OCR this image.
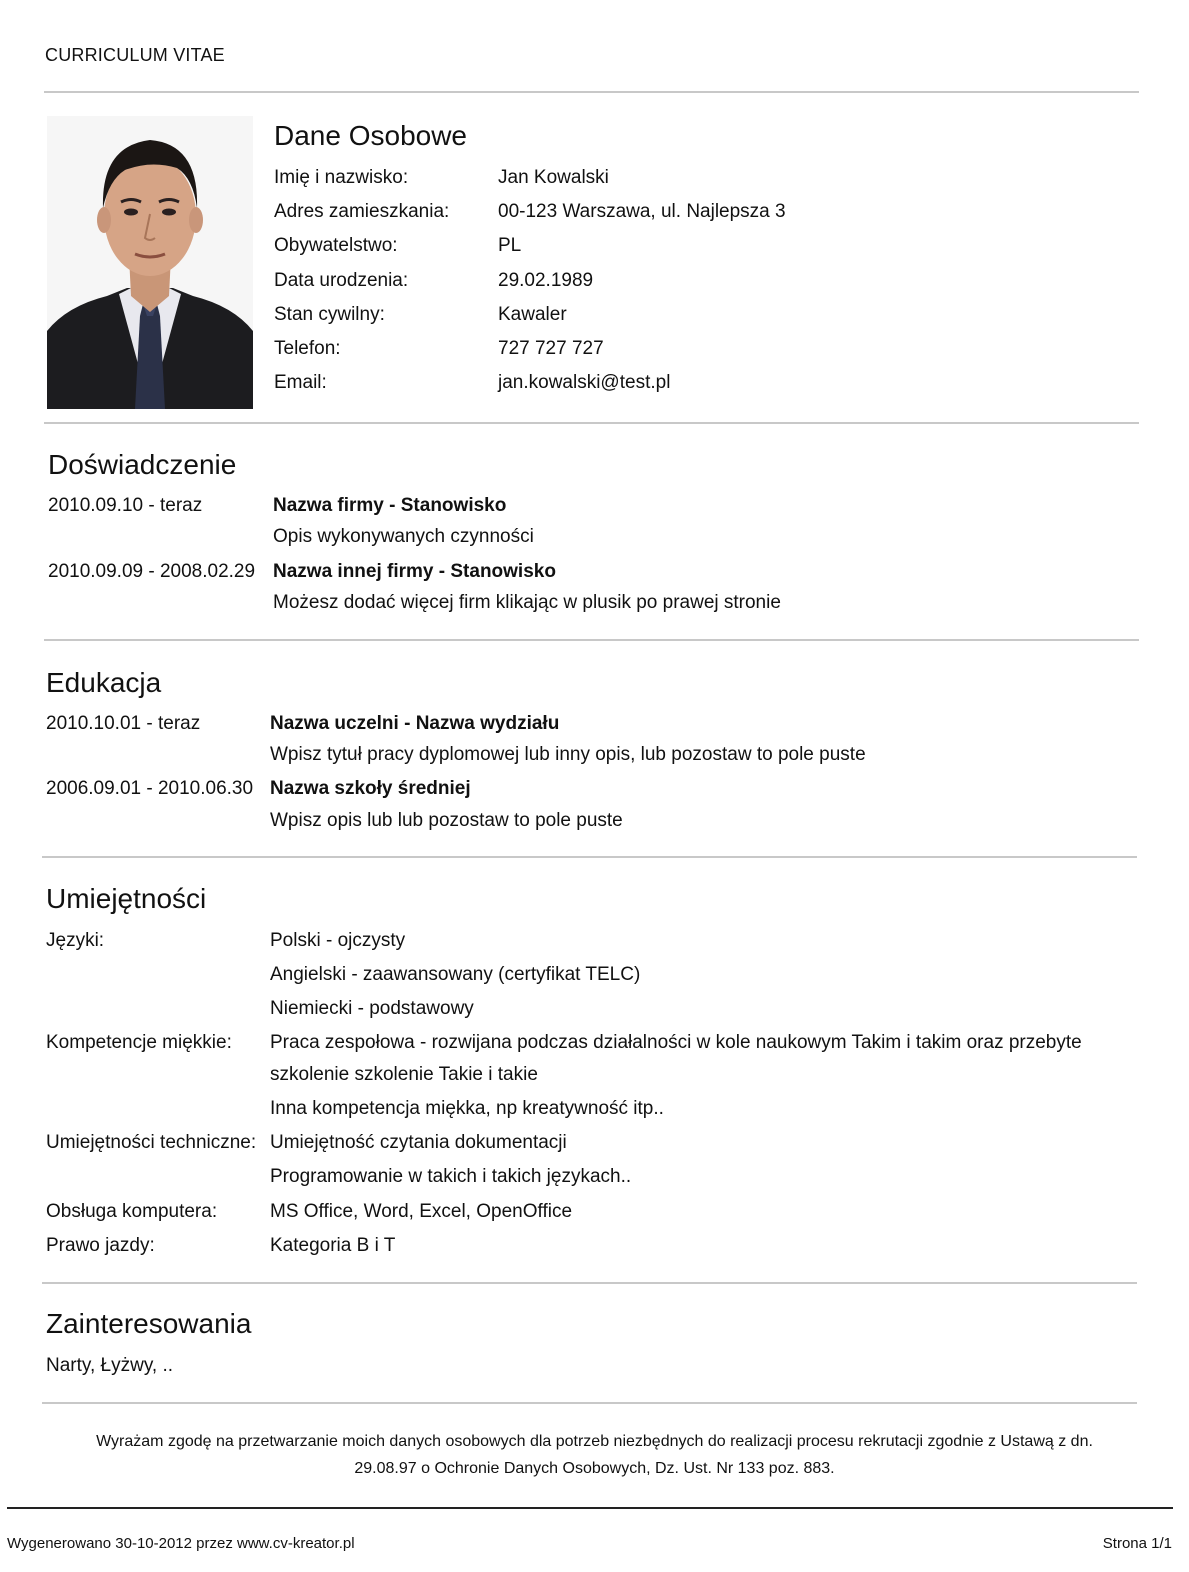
CURRICULUM VITAE
Dane Osobowe
Imię i nazwisko:	Jan Kowalski
Adres zamieszkania:	00-123 Warszawa, ul. Najlepsza 3
Obywatelstwo:	PL
Data urodzenia:	29.02.1989
Stan cywilny:	Kawaler
Telefon:	727 727 727
Email:	jan.kowalski@test.pl
Doświadczenie
2010.09.10 - teraz	Nazwa firmy - Stanowisko
Opis wykonywanych czynności
2010.09.09 - 2008.02.29 Nazwa innej firmy - Stanowisko
Możesz dodać więcej firm klikając w plusik po prawej stronie
Edukacja
2010.10.01 - teraz	Nazwa uczelni - Nazwa wydziału
Wpisz tytuł pracy dyplomowej lub inny opis, lub pozostaw to pole puste
2006.09.01 - 2010.06.30 Nazwa szkoły średniej
Wpisz opis lub lub pozostaw to pole puste
Umiejętności
Języki:	Polski - ojczysty
Angielski - zaawansowany (certyfikat TELC)
Niemiecki - podstawowy
Kompetencje miękkie: Praca zespołowa - rozwijana podczas działalności w kole naukowym Takim i takim oraz przebyte
szkolenie szkolenie Takie i takie
Inna kompetencja miękka, np kreatywność itp..
Umiejętności techniczne: Umiejętność czytania dokumentacji
Programowanie w takich i takich językach..
Obsługa komputera:	MS Office, Word, Excel, OpenOffice
Prawo jazdy:	Kategoria B i T
Zainteresowania
Narty, Łyżwy, ..
Wyrażam zgodę na przetwarzanie moich danych osobowych dla potrzeb niezbędnych do realizacji procesu rekrutacji zgodnie z Ustawą z dn.
29.08.97 o Ochronie Danych Osobowych, Dz. Ust. Nr 133 poz. 883.
Wygenerowano 30-10-2012 przez www.cv-kreator.pl	Strona 1/1
